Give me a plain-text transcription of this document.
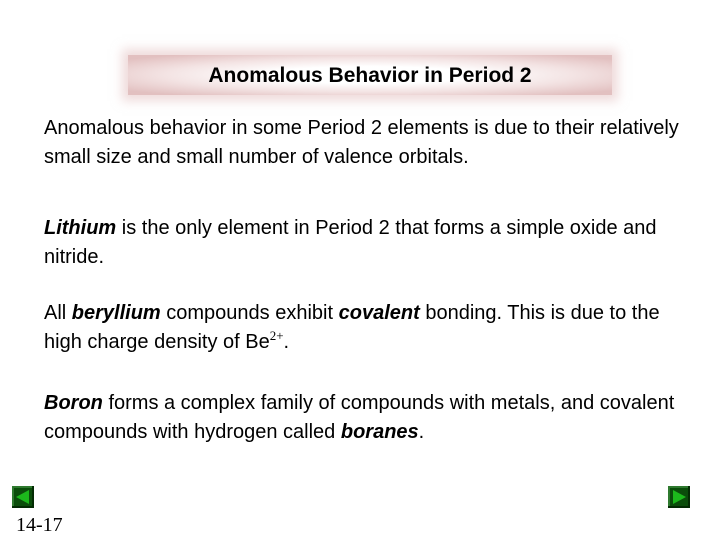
Anomalous Behavior in Period 2
Anomalous behavior in some Period 2 elements is due to their relatively small size and small number of valence orbitals.
Lithium is the only element in Period 2 that forms a simple oxide and nitride.
All beryllium compounds exhibit covalent bonding. This is due to the high charge density of $Be^{2+}$.
Boron forms a complex family of compounds with metals, and covalent compounds with hydrogen called boranes.
14-17
